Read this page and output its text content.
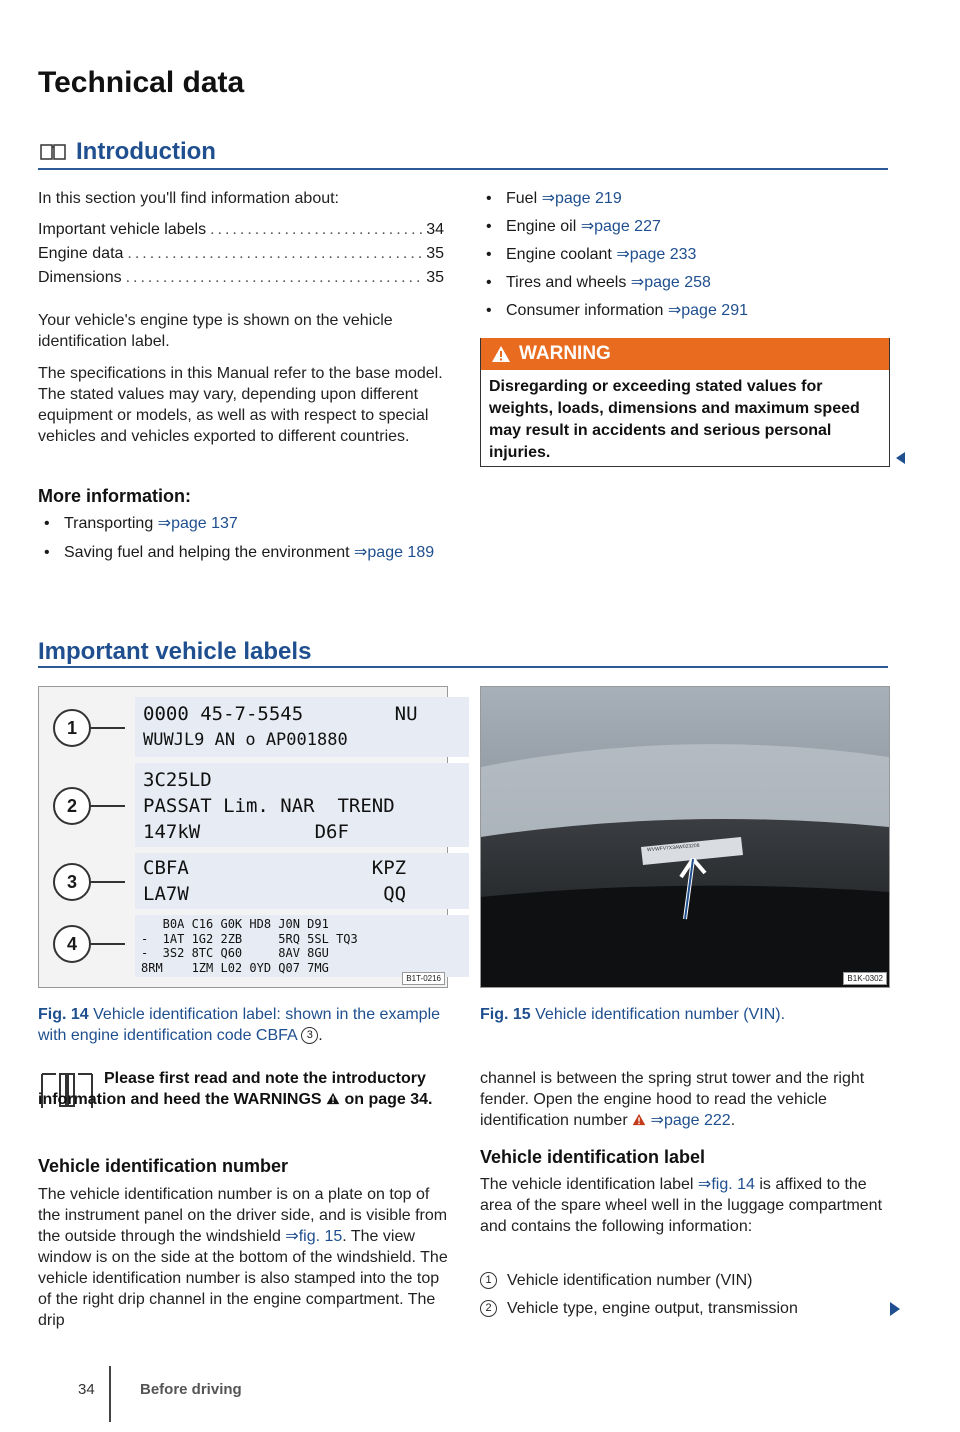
Technical data
Introduction
In this section you'll find information about:
Important vehicle labels .....	34
Engine data .....	35
Dimensions .....	35
Your vehicle's engine type is shown on the vehicle identification label.
The specifications in this Manual refer to the base model. The stated values may vary, depending upon different equipment or models, as well as with respect to special vehicles and vehicles exported to different countries.
More information:
• Transporting ⇒page 137
• Saving fuel and helping the environment ⇒page 189
• Fuel ⇒page 219
• Engine oil ⇒page 227
• Engine coolant ⇒page 233
• Tires and wheels ⇒page 258
• Consumer information ⇒page 291
WARNING
Disregarding or exceeding stated values for weights, loads, dimensions and maximum speed may result in accidents and serious personal injuries.
Important vehicle labels
0000 45-7-5545        NU
WUWJL9 AN o AP001880
3C25LD
PASSAT Lim. NAR  TREND
147kW          D6F
CBFA                KPZ
LA7W                 QQ
B0A C16 G0K HD8 J0N D91
-  1AT 1G2 2ZB     5RQ 5SL TQ3
-  3S2 8TC Q60     8AV 8GU
8RM    1ZM L02 0YD Q07 7MG
1
2
3
4
B1T-0216
WVWFV7X3AW023208
B1K-0302
Fig. 14 Vehicle identification label: shown in the example with engine identification code CBFA 3 .
Fig. 15 Vehicle identification number (VIN).
Please first read and note the introductory information and heed the WARNINGS on page 34.
Vehicle identification number
The vehicle identification number is on a plate on top of the instrument panel on the driver side, and is visible from the outside through the windshield ⇒fig. 15. The view window is on the side at the bottom of the windshield. The vehicle identification number is also stamped into the top of the right drip channel in the engine compartment. The drip
channel is between the spring strut tower and the right fender. Open the engine hood to read the vehicle identification number  ⇒page 222.
Vehicle identification label
The vehicle identification label ⇒fig. 14 is affixed to the area of the spare wheel well in the luggage compartment and contains the following information:
1 Vehicle identification number (VIN)
2 Vehicle type, engine output, transmission
34	Before driving
